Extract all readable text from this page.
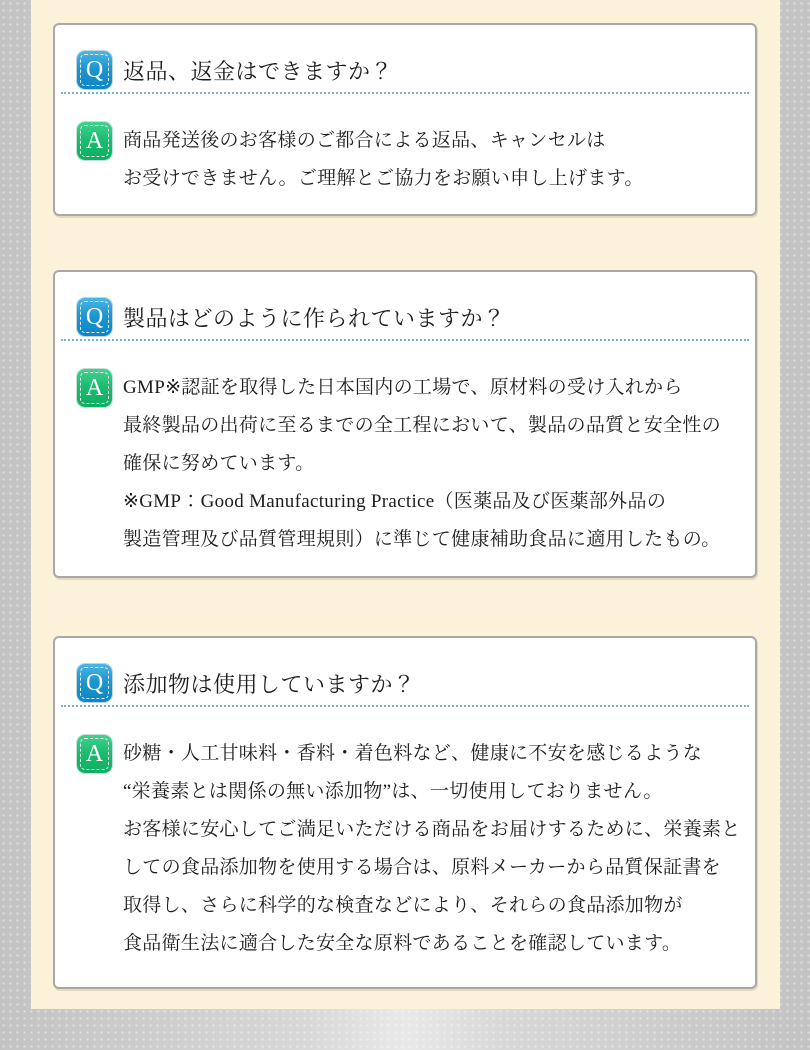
Q 返品、返金はできますか？
A	商品発送後のお客様のご都合による返品、キャンセルは
お受けできません。ご理解とご協力をお願い申し上げます。
Q 製品はどのように作られていますか？
A	GMP※認証を取得した日本国内の工場で、原材料の受け入れから
最終製品の出荷に至るまでの全工程において、製品の品質と安全性の
確保に努めています。
※GMP：Good Manufacturing Practice（医薬品及び医薬部外品の
製造管理及び品質管理規則）に準じて健康補助食品に適用したもの。
Q 添加物は使用していますか？
A	砂糖・人工甘味料・香料・着色料など、健康に不安を感じるような
“栄養素とは関係の無い添加物”は、一切使用しておりません。
お客様に安心してご満足いただける商品をお届けするために、栄養素と
しての食品添加物を使用する場合は、原料メーカーから品質保証書を
取得し、さらに科学的な検査などにより、それらの食品添加物が
食品衛生法に適合した安全な原料であることを確認しています。
